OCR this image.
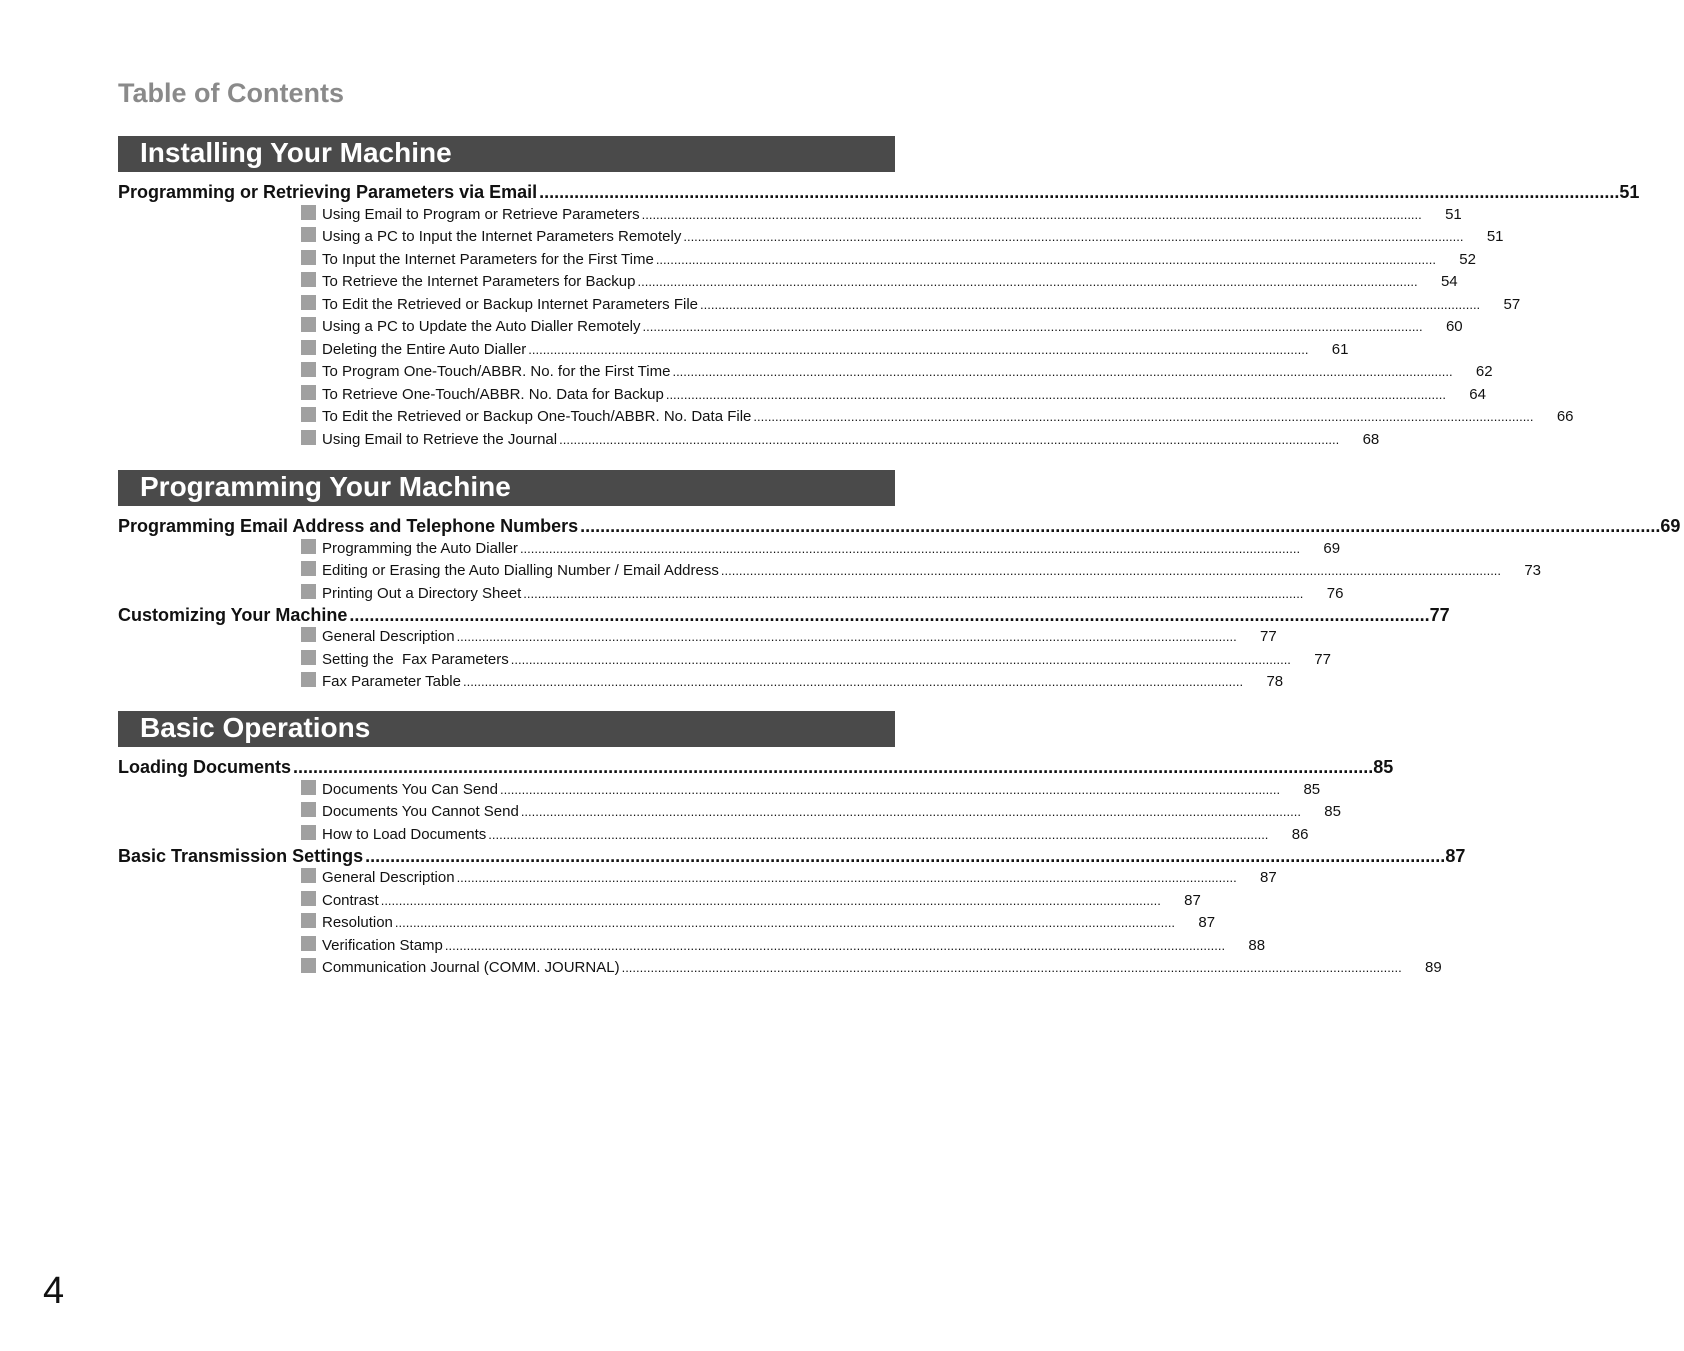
Table of Contents
Installing Your Machine
Programming or Retrieving Parameters via Email .....	51
Using Email to Program or Retrieve Parameters .....	51
Using a PC to Input the Internet Parameters Remotely .....	51
To Input the Internet Parameters for the First Time .....	52
To Retrieve the Internet Parameters for Backup .....	54
To Edit the Retrieved or Backup Internet Parameters File .....	57
Using a PC to Update the Auto Dialler Remotely .....	60
Deleting the Entire Auto Dialler .....	61
To Program One-Touch/ABBR. No. for the First Time .....	62
To Retrieve One-Touch/ABBR. No. Data for Backup .....	64
To Edit the Retrieved or Backup One-Touch/ABBR. No. Data File .....	66
Using Email to Retrieve the Journal .....	68
Programming Your Machine
Programming Email Address and Telephone Numbers .....	69
Programming the Auto Dialler .....	69
Editing or Erasing the Auto Dialling Number / Email Address .....	73
Printing Out a Directory Sheet .....	76
Customizing Your Machine .....	77
General Description .....	77
Setting the  Fax Parameters .....	77
Fax Parameter Table .....	78
Basic Operations
Loading Documents .....	85
Documents You Can Send .....	85
Documents You Cannot Send .....	85
How to Load Documents .....	86
Basic Transmission Settings .....	87
General Description .....	87
Contrast .....	87
Resolution .....	87
Verification Stamp .....	88
Communication Journal (COMM. JOURNAL) .....	89
4
